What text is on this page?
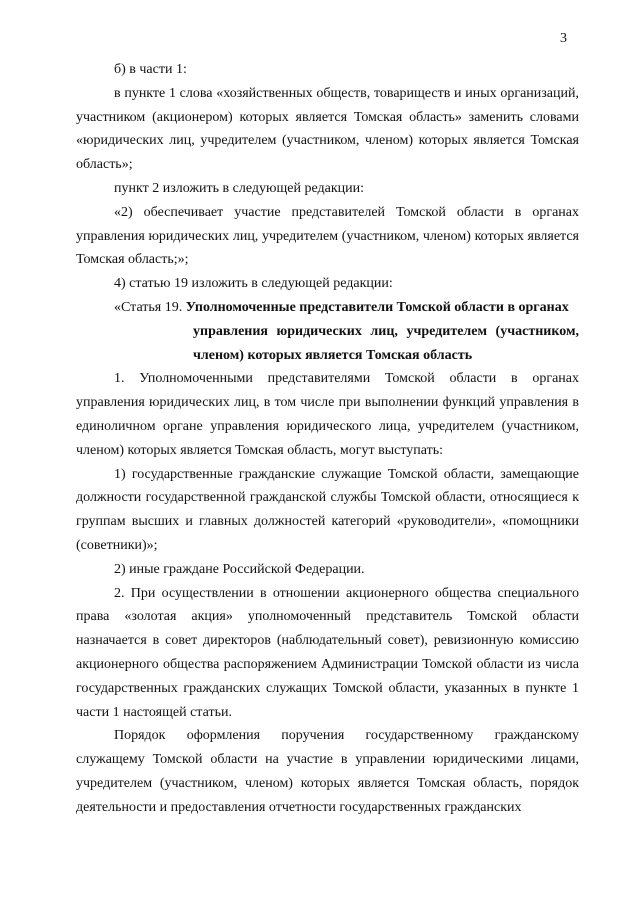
3

б) в части 1:

в пункте 1 слова «хозяйственных обществ, товариществ и иных организаций, участником (акционером) которых является Томская область» заменить словами «юридических лиц, учредителем (участником, членом) которых является Томская область»;

пункт 2 изложить в следующей редакции:

«2) обеспечивает участие представителей Томской области в органах управления юридических лиц, учредителем (участником, членом) которых является Томская область;»;

4) статью 19 изложить в следующей редакции:

«Статья 19. Уполномоченные представители Томской области в органах
управления юридических лиц, учредителем (участником, членом) которых является Томская область

1. Уполномоченными представителями Томской области в органах управления юридических лиц, в том числе при выполнении функций управления в единоличном органе управления юридического лица, учредителем (участником, членом) которых является Томская область, могут выступать:

1) государственные гражданские служащие Томской области, замещающие должности государственной гражданской службы Томской области, относящиеся к группам высших и главных должностей категорий «руководители», «помощники (советники)»;

2) иные граждане Российской Федерации.

2. При осуществлении в отношении акционерного общества специального права «золотая акция» уполномоченный представитель Томской области назначается в совет директоров (наблюдательный совет), ревизионную комиссию акционерного общества распоряжением Администрации Томской области из числа государственных гражданских служащих Томской области, указанных в пункте 1 части 1 настоящей статьи.

Порядок оформления поручения государственному гражданскому служащему Томской области на участие в управлении юридическими лицами, учредителем (участником, членом) которых является Томская область, порядок деятельности и предоставления отчетности государственных гражданских
